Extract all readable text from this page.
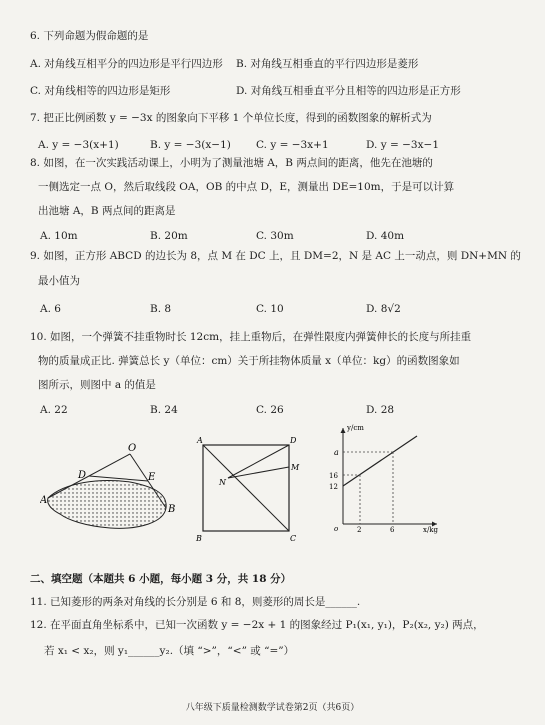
6. 下列命题为假命题的是
A. 对角线互相平分的四边形是平行四边形 B. 对角线互相垂直的平行四边形是菱形
C. 对角线相等的四边形是矩形	D. 对角线互相垂直平分且相等的四边形是正方形
7. 把正比例函数 y = −3x 的图象向下平移 1 个单位长度，得到的函数图象的解析式为
A. y = −3(x+1)	B. y = −3(x−1) C. y = −3x+1	D. y = −3x−1
8. 如图，在一次实践活动课上，小明为了测量池塘 A，B 两点间的距离，他先在池塘的
一侧选定一点 O，然后取线段 OA，OB 的中点 D，E，测量出 DE=10m，于是可以计算
出池塘 A，B 两点间的距离是
A. 10m	B. 20m	C. 30m	D. 40m
9. 如图，正方形 ABCD 的边长为 8，点 M 在 DC 上，且 DM=2，N 是 AC 上一动点，则 DN+MN 的
最小值为
A. 6	B. 8	C. 10	D. 8√2
10. 如图，一个弹簧不挂重物时长 12cm，挂上重物后，在弹性限度内弹簧伸长的长度与所挂重
物的质量成正比. 弹簧总长 y（单位：cm）关于所挂物体质量 x（单位：kg）的函数图象如
图所示，则图中 a 的值是
A. 22	B. 24	C. 26	D. 28
O
D	E
A
B
A	D
M
N
B	C
y/cm
x/kg
o
a
16
12
2	6
二、填空题（本题共 6 小题，每小题 3 分，共 18 分）
11. 已知菱形的两条对角线的长分别是 6 和 8，则菱形的周长是______.
12. 在平面直角坐标系中，已知一次函数 y = −2x + 1 的图象经过 P₁(x₁, y₁)，P₂(x₂, y₂) 两点，
若 x₁ < x₂，则 y₁______y₂.（填 “>”，“<” 或 “=”）
八年级下质量检测数学试卷第2页（共6页）
